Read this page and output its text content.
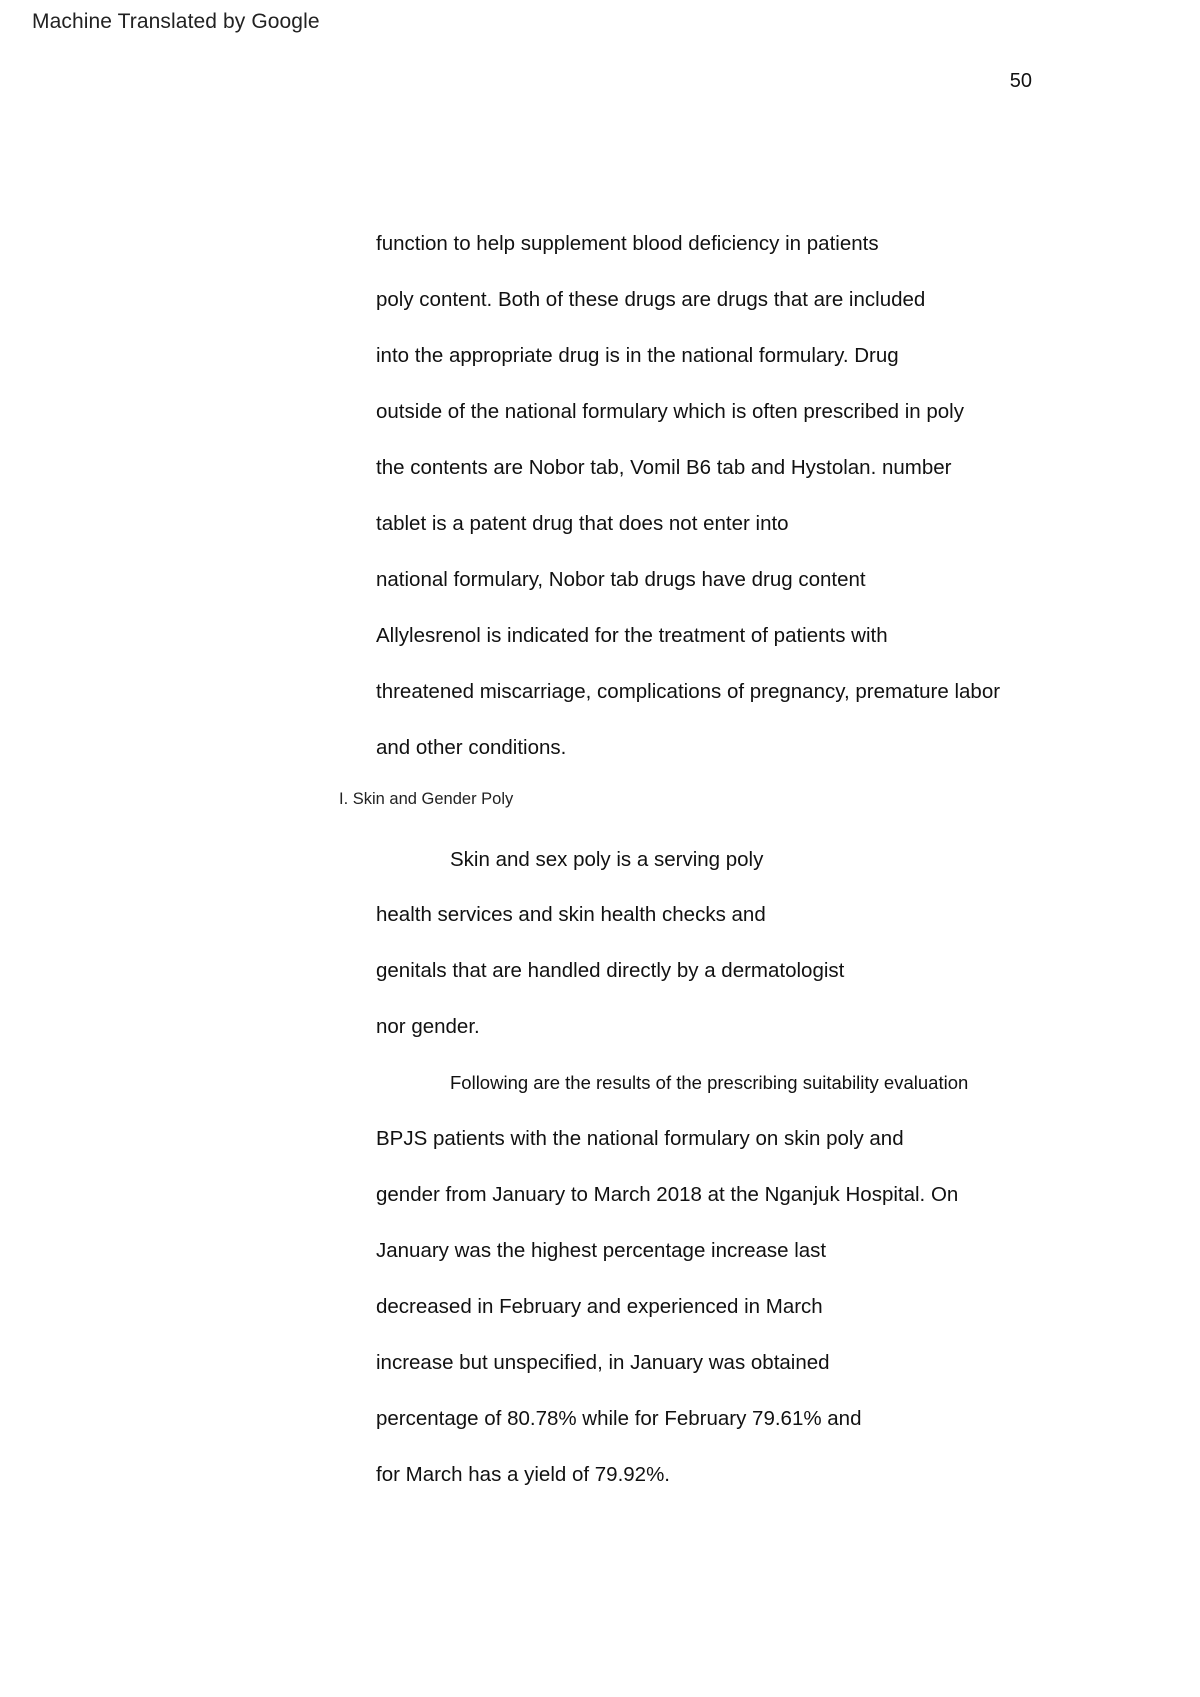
Machine Translated by Google
50
function to help supplement blood deficiency in patients
poly content. Both of these drugs are drugs that are included
into the appropriate drug is in the national formulary. Drug
outside of the national formulary which is often prescribed in poly
the contents are Nobor tab, Vomil B6 tab and Hystolan. number
tablet is a patent drug that does not enter into
national formulary, Nobor tab drugs have drug content
Allylesrenol is indicated for the treatment of patients with
threatened miscarriage, complications of pregnancy, premature labor
and other conditions.
I. Skin and Gender Poly
Skin and sex poly is a serving poly
health services and skin health checks and
genitals that are handled directly by a dermatologist
nor gender.
Following are the results of the prescribing suitability evaluation
BPJS patients with the national formulary on skin poly and
gender from January to March 2018 at the Nganjuk Hospital. On
January was the highest percentage increase last
decreased in February and experienced in March
increase but unspecified, in January was obtained
percentage of 80.78% while for February 79.61% and
for March has a yield of 79.92%.
